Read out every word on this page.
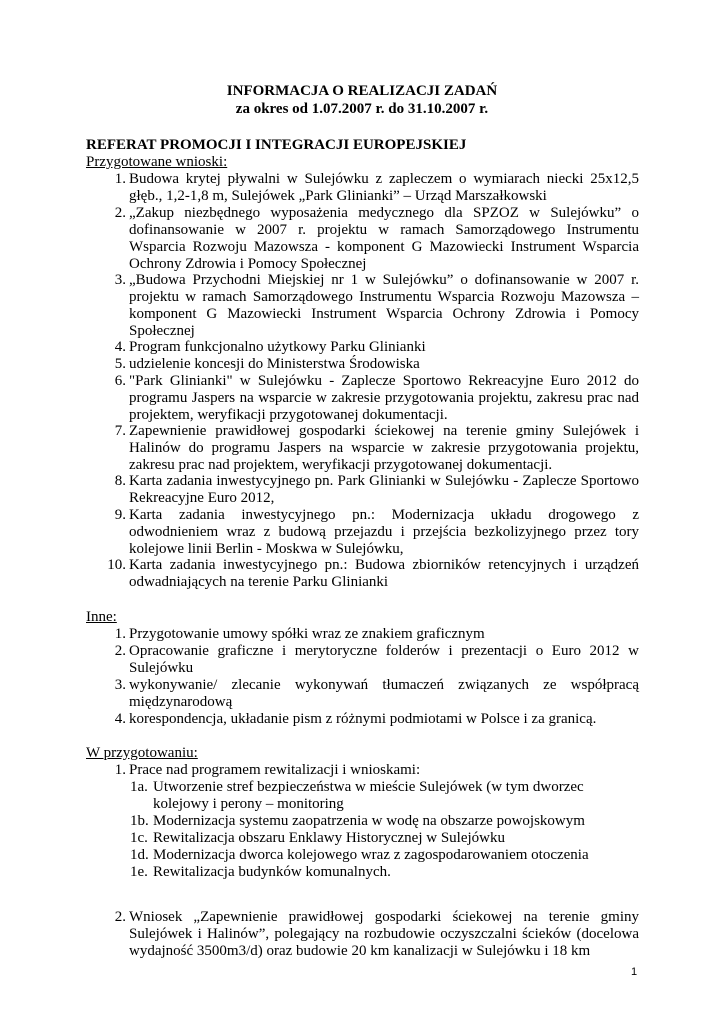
INFORMACJA O REALIZACJI ZADAŃ
za okres od 1.07.2007 r. do 31.10.2007 r.
REFERAT PROMOCJI I INTEGRACJI EUROPEJSKIEJ
Przygotowane wnioski:
1. Budowa krytej pływalni w Sulejówku z zapleczem o wymiarach niecki 25x12,5 głęb., 1,2-1,8 m, Sulejówek „Park Glinianki” – Urząd Marszałkowski
2. „Zakup niezbędnego wyposażenia medycznego dla SPZOZ w Sulejówku” o dofinansowanie w 2007 r. projektu w ramach Samorządowego Instrumentu Wsparcia Rozwoju Mazowsza - komponent G Mazowiecki Instrument Wsparcia Ochrony Zdrowia i Pomocy Społecznej
3. „Budowa Przychodni Miejskiej nr 1 w Sulejówku” o dofinansowanie w 2007 r. projektu w ramach Samorządowego Instrumentu Wsparcia Rozwoju Mazowsza – komponent G Mazowiecki Instrument Wsparcia Ochrony Zdrowia i Pomocy Społecznej
4. Program funkcjonalno użytkowy Parku Glinianki
5. udzielenie koncesji do Ministerstwa Środowiska
6. "Park Glinianki" w Sulejówku - Zaplecze Sportowo Rekreacyjne Euro 2012 do programu Jaspers na wsparcie w zakresie przygotowania projektu, zakresu prac nad projektem, weryfikacji przygotowanej dokumentacji.
7. Zapewnienie prawidłowej gospodarki ściekowej na terenie gminy Sulejówek i Halinów do programu Jaspers na wsparcie w zakresie przygotowania projektu, zakresu prac nad projektem, weryfikacji przygotowanej dokumentacji.
8. Karta zadania inwestycyjnego pn. Park Glinianki w Sulejówku - Zaplecze Sportowo Rekreacyjne Euro 2012,
9. Karta zadania inwestycyjnego pn.: Modernizacja układu drogowego z odwodnieniem wraz z budową przejazdu i przejścia bezkolizyjnego przez tory kolejowe linii Berlin - Moskwa w Sulejówku,
10. Karta zadania inwestycyjnego pn.: Budowa zbiorników retencyjnych i urządzeń odwadniających na terenie Parku Glinianki
Inne:
1. Przygotowanie umowy spółki wraz ze znakiem graficznym
2. Opracowanie graficzne i merytoryczne folderów i prezentacji o Euro 2012 w Sulejówku
3. wykonywanie/ zlecanie wykonywań tłumaczeń związanych ze współpracą międzynarodową
4. korespondencja, układanie pism z różnymi podmiotami w Polsce i za granicą.
W przygotowaniu:
1. Prace nad programem rewitalizacji i wnioskami:
1a. Utworzenie stref bezpieczeństwa w mieście Sulejówek (w tym dworzec kolejowy i perony – monitoring
1b. Modernizacja systemu zaopatrzenia w wodę na obszarze powojskowym
1c. Rewitalizacja obszaru Enklawy Historycznej w Sulejówku
1d. Modernizacja dworca kolejowego wraz z zagospodarowaniem otoczenia
1e. Rewitalizacja budynków komunalnych.
2. Wniosek „Zapewnienie prawidłowej gospodarki ściekowej na terenie gminy Sulejówek i Halinów”, polegający na rozbudowie oczyszczalni ścieków (docelowa wydajność 3500m3/d) oraz budowie 20 km kanalizacji w Sulejówku i 18 km
1
